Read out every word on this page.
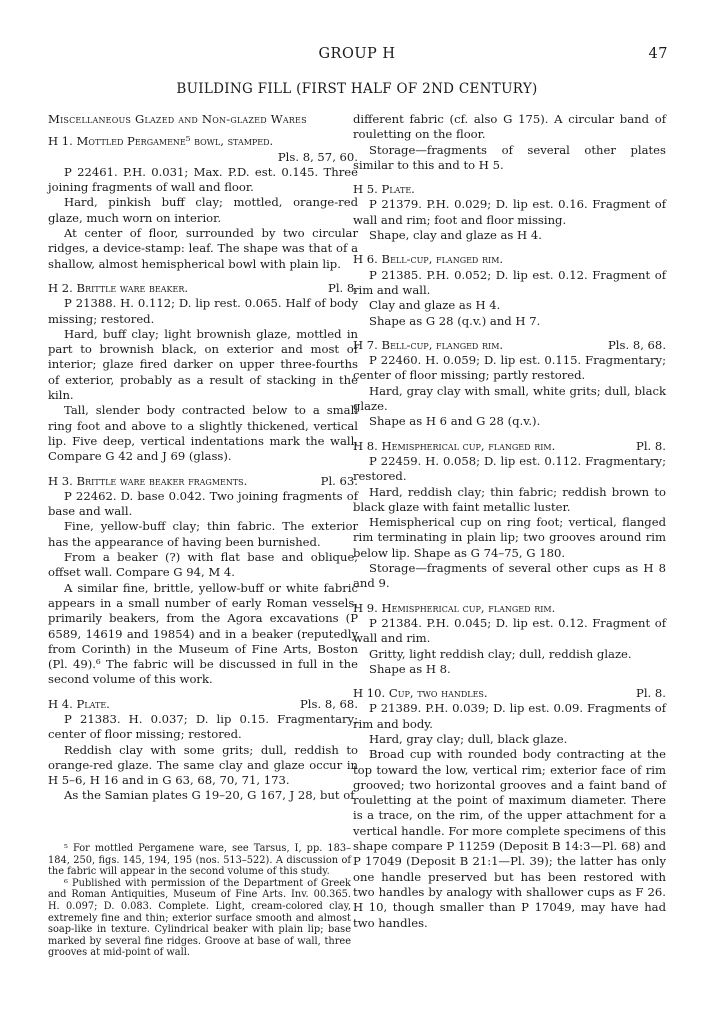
GROUP H	47
BUILDING FILL (FIRST HALF OF 2ND CENTURY)

Miscellaneous Glazed and Non-glazed Wares

H 1. Mottled Pergamene⁵ bowl, stamped.

Pls. 8, 57, 60.

P 22461. P.H. 0.031; Max. P.D. est. 0.145. Three joining fragments of wall and floor.

Hard, pinkish buff clay; mottled, orange-red glaze, much worn on interior.

At center of floor, surrounded by two circular ridges, a device-stamp: leaf. The shape was that of a shallow, almost hemispherical bowl with plain lip.

H 2. Brittle ware beaker.	Pl. 8.

P 21388. H. 0.112; D. lip rest. 0.065. Half of body missing; restored.

Hard, buff clay; light brownish glaze, mottled in part to brownish black, on exterior and most of interior; glaze fired darker on upper three-fourths of exterior, probably as a result of stacking in the kiln.

Tall, slender body contracted below to a small ring foot and above to a slightly thickened, vertical lip. Five deep, vertical indentations mark the wall. Compare G 42 and J 69 (glass).

H 3. Brittle ware beaker fragments.	Pl. 63.

P 22462. D. base 0.042. Two joining fragments of base and wall.

Fine, yellow-buff clay; thin fabric. The exterior has the appearance of having been burnished.

From a beaker (?) with flat base and oblique, offset wall. Compare G 94, M 4.

A similar fine, brittle, yellow-buff or white fabric appears in a small number of early Roman vessels, primarily beakers, from the Agora excavations (P 6589, 14619 and 19854) and in a beaker (reputedly from Corinth) in the Museum of Fine Arts, Boston (Pl. 49).⁶ The fabric will be discussed in full in the second volume of this work.

H 4. Plate.	Pls. 8, 68.

P 21383. H. 0.037; D. lip 0.15. Fragmentary; center of floor missing; restored.

Reddish clay with some grits; dull, reddish to orange-red glaze. The same clay and glaze occur in H 5–6, H 16 and in G 63, 68, 70, 71, 173.

As the Samian plates G 19–20, G 167, J 28, but of

different fabric (cf. also G 175). A circular band of rouletting on the floor.

Storage—fragments of several other plates similar to this and to H 5.

H 5. Plate.

P 21379. P.H. 0.029; D. lip est. 0.16. Fragment of wall and rim; foot and floor missing.

Shape, clay and glaze as H 4.

H 6. Bell-cup, flanged rim.

P 21385. P.H. 0.052; D. lip est. 0.12. Fragment of rim and wall.

Clay and glaze as H 4.

Shape as G 28 (q.v.) and H 7.

H 7. Bell-cup, flanged rim.	Pls. 8, 68.

P 22460. H. 0.059; D. lip est. 0.115. Fragmentary; center of floor missing; partly restored.

Hard, gray clay with small, white grits; dull, black glaze.

Shape as H 6 and G 28 (q.v.).

H 8. Hemispherical cup, flanged rim.	Pl. 8.

P 22459. H. 0.058; D. lip est. 0.112. Fragmentary; restored.

Hard, reddish clay; thin fabric; reddish brown to black glaze with faint metallic luster.

Hemispherical cup on ring foot; vertical, flanged rim terminating in plain lip; two grooves around rim below lip. Shape as G 74–75, G 180.

Storage—fragments of several other cups as H 8 and 9.

H 9. Hemispherical cup, flanged rim.

P 21384. P.H. 0.045; D. lip est. 0.12. Fragment of wall and rim.

Gritty, light reddish clay; dull, reddish glaze.

Shape as H 8.

H 10. Cup, two handles.	Pl. 8.

P 21389. P.H. 0.039; D. lip est. 0.09. Fragments of rim and body.

Hard, gray clay; dull, black glaze.

Broad cup with rounded body contracting at the top toward the low, vertical rim; exterior face of rim grooved; two horizontal grooves and a faint band of rouletting at the point of maximum diameter. There is a trace, on the rim, of the upper attachment for a vertical handle. For more complete specimens of this shape compare P 11259 (Deposit B 14:3—Pl. 68) and P 17049 (Deposit B 21:1—Pl. 39); the latter has only one handle preserved but has been restored with two handles by analogy with shallower cups as F 26. H 10, though smaller than P 17049, may have had two handles.

⁵ For mottled Pergamene ware, see Tarsus, I, pp. 183–184, 250, figs. 145, 194, 195 (nos. 513–522). A discussion of the fabric will appear in the second volume of this study.

⁶ Published with permission of the Department of Greek and Roman Antiquities, Museum of Fine Arts. Inv. 00.365. H. 0.097; D. 0.083. Complete. Light, cream-colored clay, extremely fine and thin; exterior surface smooth and almost soap-like in texture. Cylindrical beaker with plain lip; base marked by several fine ridges. Groove at base of wall, three grooves at mid-point of wall.
